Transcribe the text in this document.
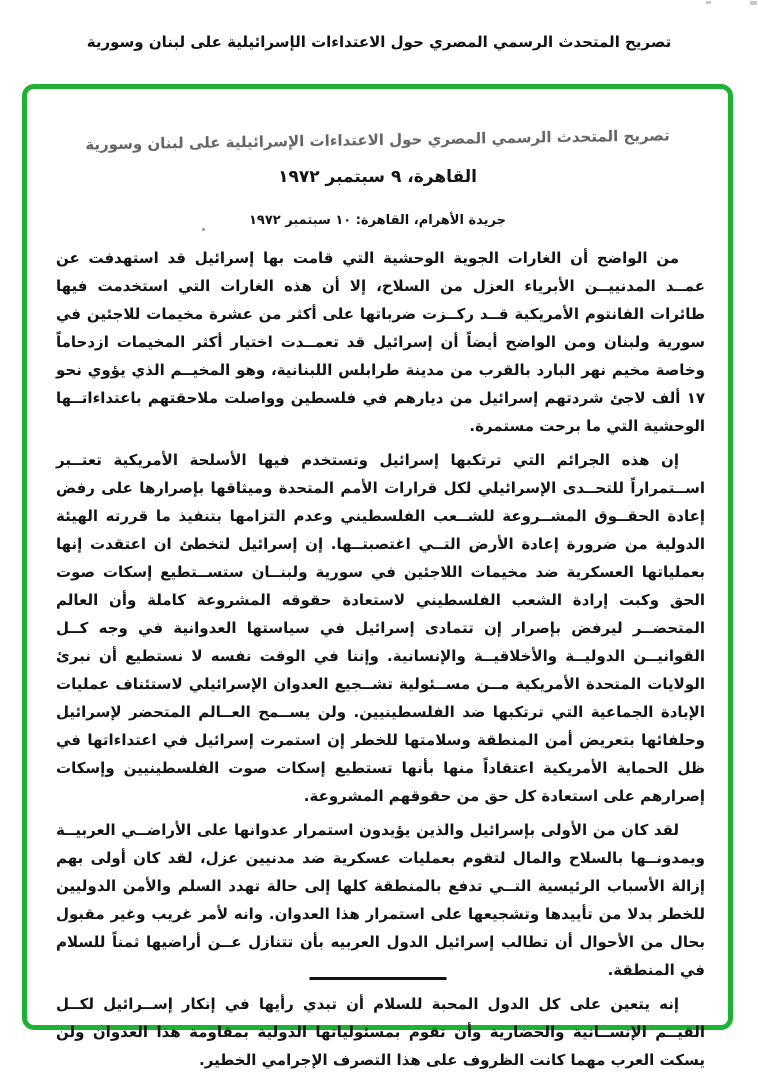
تصريح المتحدث الرسمي المصري حول الاعتداءات الإسرائيلية على لبنان وسورية
تصريح المتحدث الرسمي المصري حول الاعتداءات الإسرائيلية على لبنان وسورية
القاهرة، ٩ سبتمبر ١٩٧٢
جريدة الأهرام، القاهرة: ١٠ سبتمبر ١٩٧٢

من الواضح أن الغارات الجوية الوحشية التي قامت بها إسرائيل قد استهدفت عن عمــد المدنييــن الأبرياء العزل من السلاح، إلا أن هذه الغارات التي استخدمت فيها طائرات الفانتوم الأمريكية قــد ركــزت ضرباتها على أكثر من عشرة مخيمات للاجئين في سورية ولبنان ومن الواضح أيضاً أن إسرائيل قد تعمــدت اختيار أكثر المخيمات ازدحاماً وخاصة مخيم نهر البارد بالقرب من مدينة طرابلس اللبنانية، وهو المخيــم الذي يؤوي نحو ١٧ ألف لاجئ شردتهم إسرائيل من ديارهم في فلسطين وواصلت ملاحقتهم باعتداءاتــها الوحشية التي ما برحت مستمرة.

إن هذه الجرائم التي ترتكبها إسرائيل وتستخدم فيها الأسلحة الأمريكية تعتــبر اســتمراراً للتحــدى الإسرائيلي لكل قرارات الأمم المتحدة وميثاقها بإصرارها على رفض إعادة الحقــوق المشــروعة للشــعب الفلسطيني وعدم التزامها بتنفيذ ما قررته الهيئة الدولية من ضرورة إعادة الأرض التــي اغتصبتــها. إن إسرائيل لتخطئ ان اعتقدت إنها بعملياتها العسكرية ضد مخيمات اللاجئين في سورية ولبنــان ستســتطيع إسكات صوت الحق وكبت إرادة الشعب الفلسطيني لاستعادة حقوقه المشروعة كاملة وأن العالم المتحضــر ليرفض بإصرار إن تتمادى إسرائيل في سياستها العدوانية في وجه كــل القوانيــن الدوليــة والأخلاقيــة والإنسانية. وإننا في الوقت نفسه لا نستطيع أن نبرئ الولايات المتحدة الأمريكية مــن مســئولية تشــجيع العدوان الإسرائيلي لاستئناف عمليات الإبادة الجماعية التي ترتكبها ضد الفلسطينيين. ولن يســمح العــالم المتحضر لإسرائيل وحلفائها بتعريض أمن المنطقة وسلامتها للخطر إن استمرت إسرائيل في اعتداءاتها في ظل الحماية الأمريكية اعتقاداً منها بأنها تستطيع إسكات صوت الفلسطينيين وإسكات إصرارهم على استعادة كل حق من حقوقهم المشروعة.

لقد كان من الأولى بإسرائيل والذين يؤيدون استمرار عدوانها على الأراضــي العربيــة ويمدونــها بالسلاح والمال لتقوم بعمليات عسكرية ضد مدنيين عزل، لقد كان أولى بهم إزالة الأسباب الرئيسية التــي تدفع بالمنطقة كلها إلى حالة تهدد السلم والأمن الدوليين للخطر بدلا من تأييدها وتشجيعها على استمرار هذا العدوان. وانه لأمر غريب وغير مقبول بحال من الأحوال أن تطالب إسرائيل الدول العربيه بأن تتنازل عــن أراضيها ثمناً للسلام في المنطقة.

إنه يتعين على كل الدول المحبة للسلام أن تبدي رأيها في إنكار إســرائيل لكــل القيــم الإنســانية والحضارية وأن تقوم بمسئولياتها الدولية بمقاومة هذا العدوان ولن يسكت العرب مهما كانت الظروف على هذا التصرف الإجرامي الخطير.
